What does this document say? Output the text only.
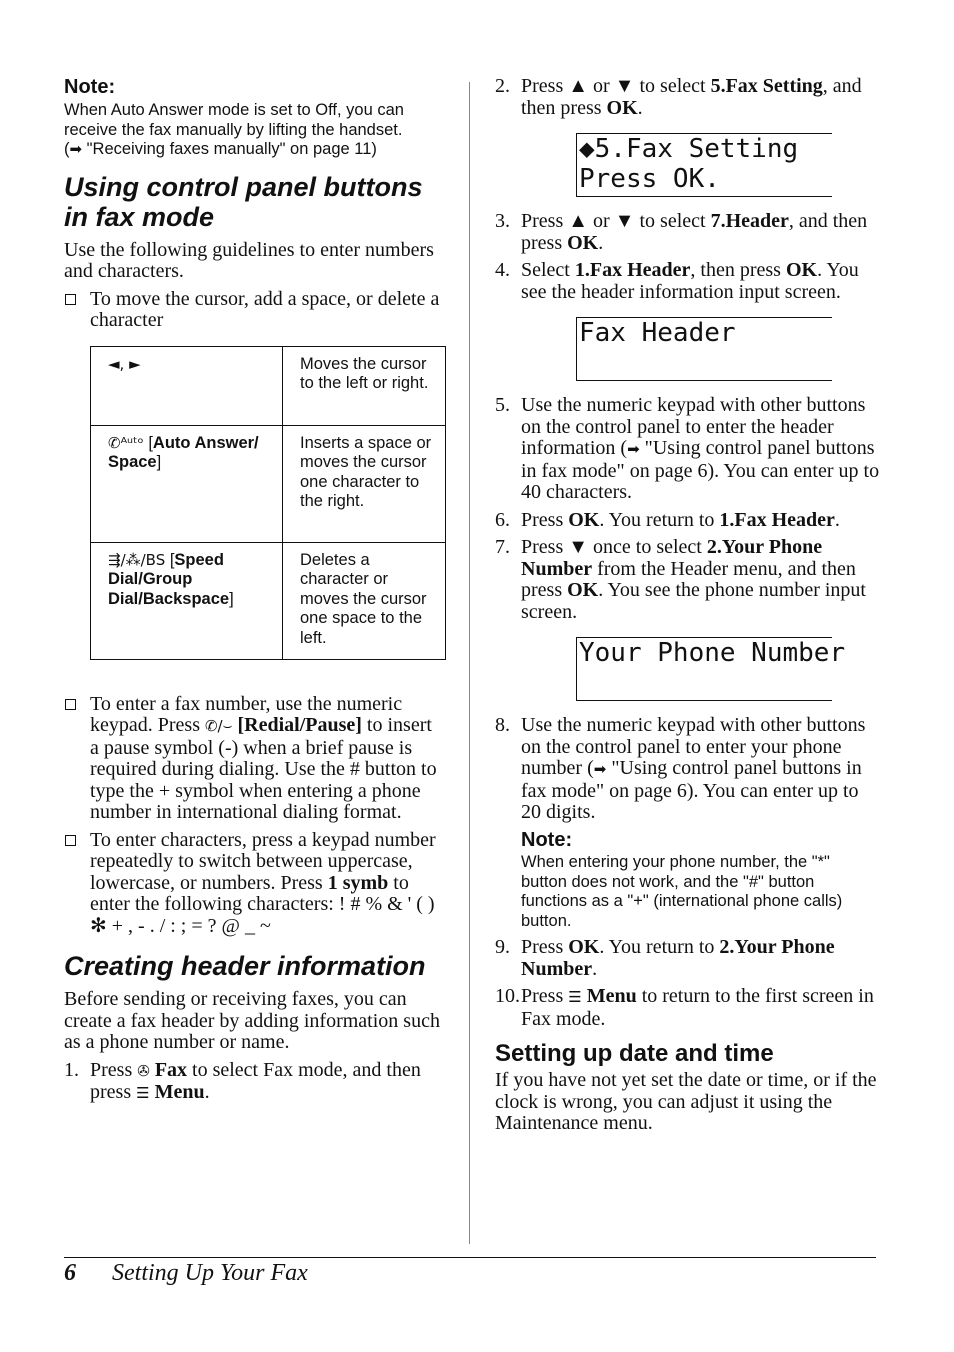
Note:

When Auto Answer mode is set to Off, you can
receive the fax manually by lifting the handset.
(➡ "Receiving faxes manually" on page 11)

Using control panel buttons in fax mode

Use the following guidelines to enter numbers and characters.

To move the cursor, add a space, or delete a character
◄, ►	Moves the cursor to the left or right.
✆ᴬᵘᵗᵒ [Auto Answer/ Space]	Inserts a space or moves the cursor one character to the right.
⇶/⁂/BS [Speed Dial/Group Dial/Backspace]	Deletes a character or moves the cursor one space to the left.
To enter a fax number, use the numeric keypad. Press ✆/⌣ [Redial/Pause] to insert a pause symbol (-) when a brief pause is required during dialing. Use the # button to type the + symbol when entering a phone number in international dialing format.
To enter characters, press a keypad number repeatedly to switch between uppercase, lowercase, or numbers. Press 1 symb to enter the following characters: ! # % & ' ( ) ✻ + , - . / : ; = ? @ _ ~
Creating header information

Before sending or receiving faxes, you can create a fax header by adding information such as a phone number or name.

1. Press ✇ Fax to select Fax mode, and then press ☰ Menu.
2. Press ▲ or ▼ to select 5.Fax Setting, and then press OK.
◆5.Fax Setting
Press OK.
3. Press ▲ or ▼ to select 7.Header, and then press OK.
4. Select 1.Fax Header, then press OK. You see the header information input screen.
Fax Header
5. Use the numeric keypad with other buttons on the control panel to enter the header information (➡ "Using control panel buttons in fax mode" on page 6). You can enter up to 40 characters.
6. Press OK. You return to 1.Fax Header.
7. Press ▼ once to select 2.Your Phone Number from the Header menu, and then press OK. You see the phone number input screen.
Your Phone Number
8. Use the numeric keypad with other buttons on the control panel to enter your phone number (➡ "Using control panel buttons in fax mode" on page 6). You can enter up to 20 digits.
Note:

When entering your phone number, the "*" button does not work, and the "#" button functions as a "+" (international phone calls) button.

9. Press OK. You return to 2.Your Phone Number.
10. Press ☰ Menu to return to the first screen in Fax mode.
Setting up date and time

If you have not yet set the date or time, or if the clock is wrong, you can adjust it using the Maintenance menu.

6 Setting Up Your Fax
